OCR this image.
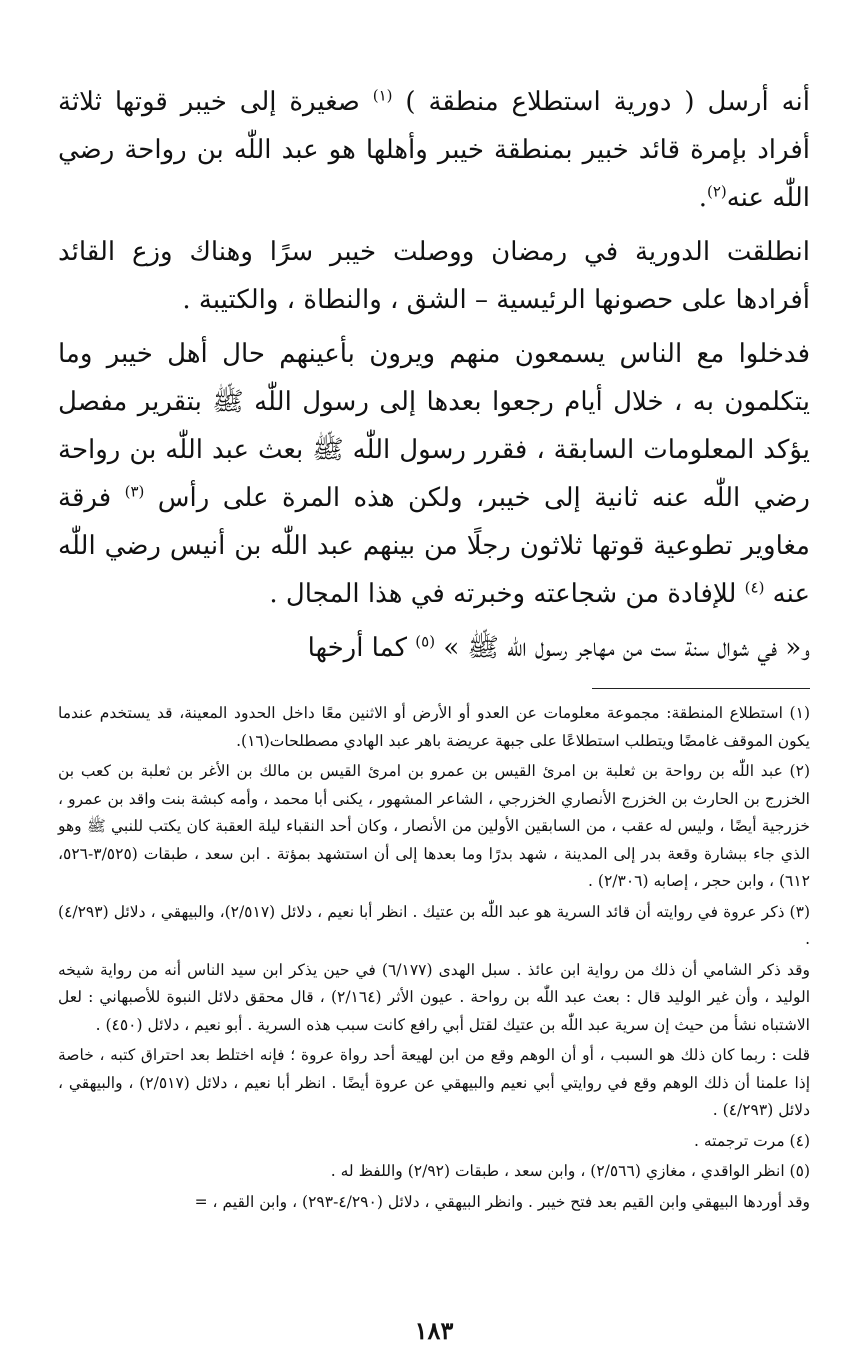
أنه أرسل ( دورية استطلاع منطقة ) $^{(١)}$ صغيرة إلى خيبر قوتها ثلاثة أفراد بإمرة قائد خبير بمنطقة خيبر وأهلها هو عبد اللّٰه بن رواحة رضي اللّٰه عنه$^{(٢)}$.

انطلقت الدورية في رمضان ووصلت خيبر سرًا وهناك وزع القائد أفرادها على حصونها الرئيسية – الشق ، والنطاة ، والكتيبة .

فدخلوا مع الناس يسمعون منهم ويرون بأعينهم حال أهل خيبر وما يتكلمون به ، خلال أيام رجعوا بعدها إلى رسول اللّٰه ﷺ بتقرير مفصل يؤكد المعلومات السابقة ، فقرر رسول اللّٰه ﷺ بعث عبد اللّٰه بن رواحة رضي اللّٰه عنه ثانية إلى خيبر، ولكن هذه المرة على رأس $^{(٣)}$ فرقة مغاوير تطوعية قوتها ثلاثون رجلًا من بينهم عبد اللّٰه بن أنيس رضي اللّٰه عنه $^{(٤)}$ للإفادة من شجاعته وخبرته في هذا المجال .

و« في شوال سنة ست من مهاجر رسول اللّٰه ﷺ » $^{(٥)}$ كما أرخها

(١) استطلاع المنطقة: مجموعة معلومات عن العدو أو الأرض أو الاثنين معًا داخل الحدود المعينة، قد يستخدم عندما يكون الموقف غامضًا ويتطلب استطلاعًا على جبهة عريضة باهر عبد الهادي مصطلحات(١٦).

(٢) عبد اللّٰه بن رواحة بن ثعلبة بن امرئ القيس بن عمرو بن امرئ القيس بن مالك بن الأغر بن ثعلبة بن كعب بن الخزرج بن الحارث بن الخزرج الأنصاري الخزرجي ، الشاعر المشهور ، يكنى أبا محمد ، وأمه كبشة بنت واقد بن عمرو ، خزرجية أيضًا ، وليس له عقب ، من السابقين الأولين من الأنصار ، وكان أحد النقباء ليلة العقبة كان يكتب للنبي ﷺ وهو الذي جاء ببشارة وقعة بدر إلى المدينة ، شهد بدرًا وما بعدها إلى أن استشهد بمؤتة . ابن سعد ، طبقات (٣/٥٢٥-٥٢٦، ٦١٢) ، وابن حجر ، إصابه (٢/٣٠٦) .

(٣) ذكر عروة في روايته أن قائد السرية هو عبد اللّٰه بن عتيك . انظر أبا نعيم ، دلائل (٢/٥١٧)، والبيهقي ، دلائل (٤/٢٩٣) .

وقد ذكر الشامي أن ذلك من رواية ابن عائذ . سبل الهدى (٦/١٧٧) في حين يذكر ابن سيد الناس أنه من رواية شيخه الوليد ، وأن غير الوليد قال : بعث عبد اللّٰه بن رواحة . عيون الأثر (٢/١٦٤) ، قال محقق دلائل النبوة للأصبهاني : لعل الاشتباه نشأ من حيث إن سرية عبد اللّٰه بن عتيك لقتل أبي رافع كانت سبب هذه السرية . أبو نعيم ، دلائل (٤٥٠) .

قلت : ربما كان ذلك هو السبب ، أو أن الوهم وقع من ابن لهيعة أحد رواة عروة ؛ فإنه اختلط بعد احتراق كتبه ، خاصة إذا علمنا أن ذلك الوهم وقع في روايتي أبي نعيم والبيهقي عن عروة أيضًا . انظر أبا نعيم ، دلائل (٢/٥١٧) ، والبيهقي ، دلائل (٤/٢٩٣) .

(٤) مرت ترجمته .

(٥) انظر الواقدي ، مغازي (٢/٥٦٦) ، وابن سعد ، طبقات (٢/٩٢) واللفظ له .

وقد أوردها البيهقي وابن القيم بعد فتح خيبر . وانظر البيهقي ، دلائل (٤/٢٩٠-٢٩٣) ، وابن القيم ، =

١٨٣
